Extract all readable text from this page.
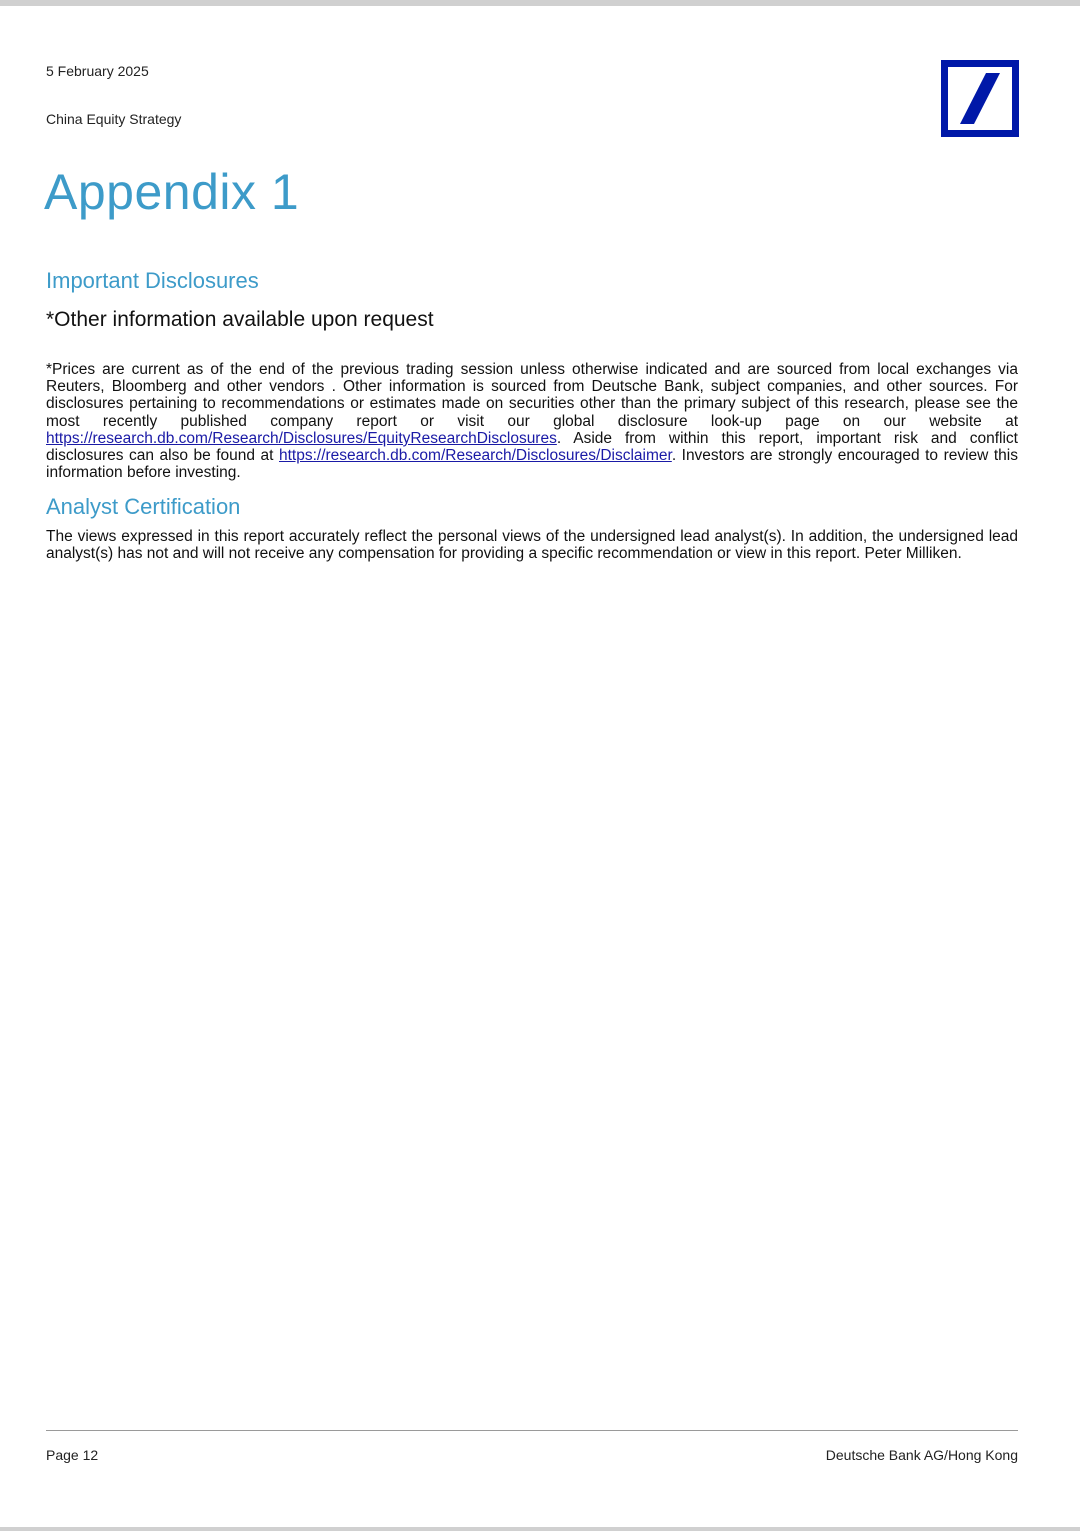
5 February 2025
China Equity Strategy
Appendix 1
Important Disclosures
*Other information available upon request

*Prices are current as of the end of the previous trading session unless otherwise indicated and are sourced from local exchanges via Reuters, Bloomberg and other vendors . Other information is sourced from Deutsche Bank, subject companies, and other sources. For disclosures pertaining to recommendations or estimates made on securities other than the primary subject of this research, please see the most recently published company report or visit our global disclosure look-up page on our website at https://research.db.com/Research/Disclosures/EquityResearchDisclosures. Aside from within this report, important risk and conflict disclosures can also be found at https://research.db.com/Research/Disclosures/Disclaimer. Investors are strongly encouraged to review this information before investing.

Analyst Certification

The views expressed in this report accurately reflect the personal views of the undersigned lead analyst(s). In addition, the undersigned lead analyst(s) has not and will not receive any compensation for providing a specific recommendation or view in this report. Peter Milliken.

Page 12	Deutsche Bank AG/Hong Kong
